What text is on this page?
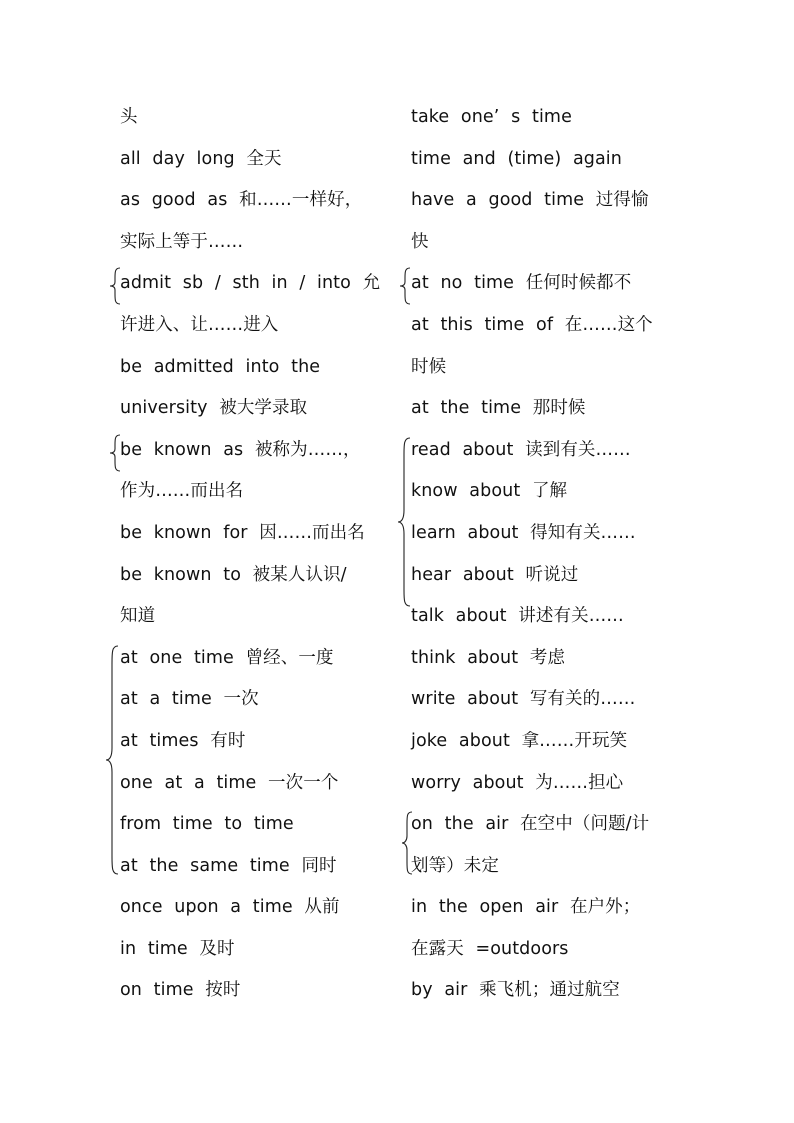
头
all day long 全天
as good as 和……一样好，
实际上等于……
admit sb / sth in / into 允
许进入、让……进入
be admitted into the
university 被大学录取
be known as 被称为……，
作为……而出名
be known for 因……而出名
be known to 被某人认识/
知道
at one time 曾经、一度
at a time 一次
at times 有时
one at a time 一次一个
from time to time
at the same time 同时
once upon a time 从前
in time 及时
on time 按时
take one’ s time
time and (time) again
have a good time 过得愉
快
at no time 任何时候都不
at this time of 在……这个
时候
at the time 那时候
read about 读到有关……
know about 了解
learn about 得知有关……
hear about 听说过
talk about 讲述有关……
think about 考虑
write about 写有关的……
joke about 拿……开玩笑
worry about 为……担心
on the air 在空中（问题/计
划等）未定
in the open air 在户外；
在露天 =outdoors
by air 乘飞机；通过航空
